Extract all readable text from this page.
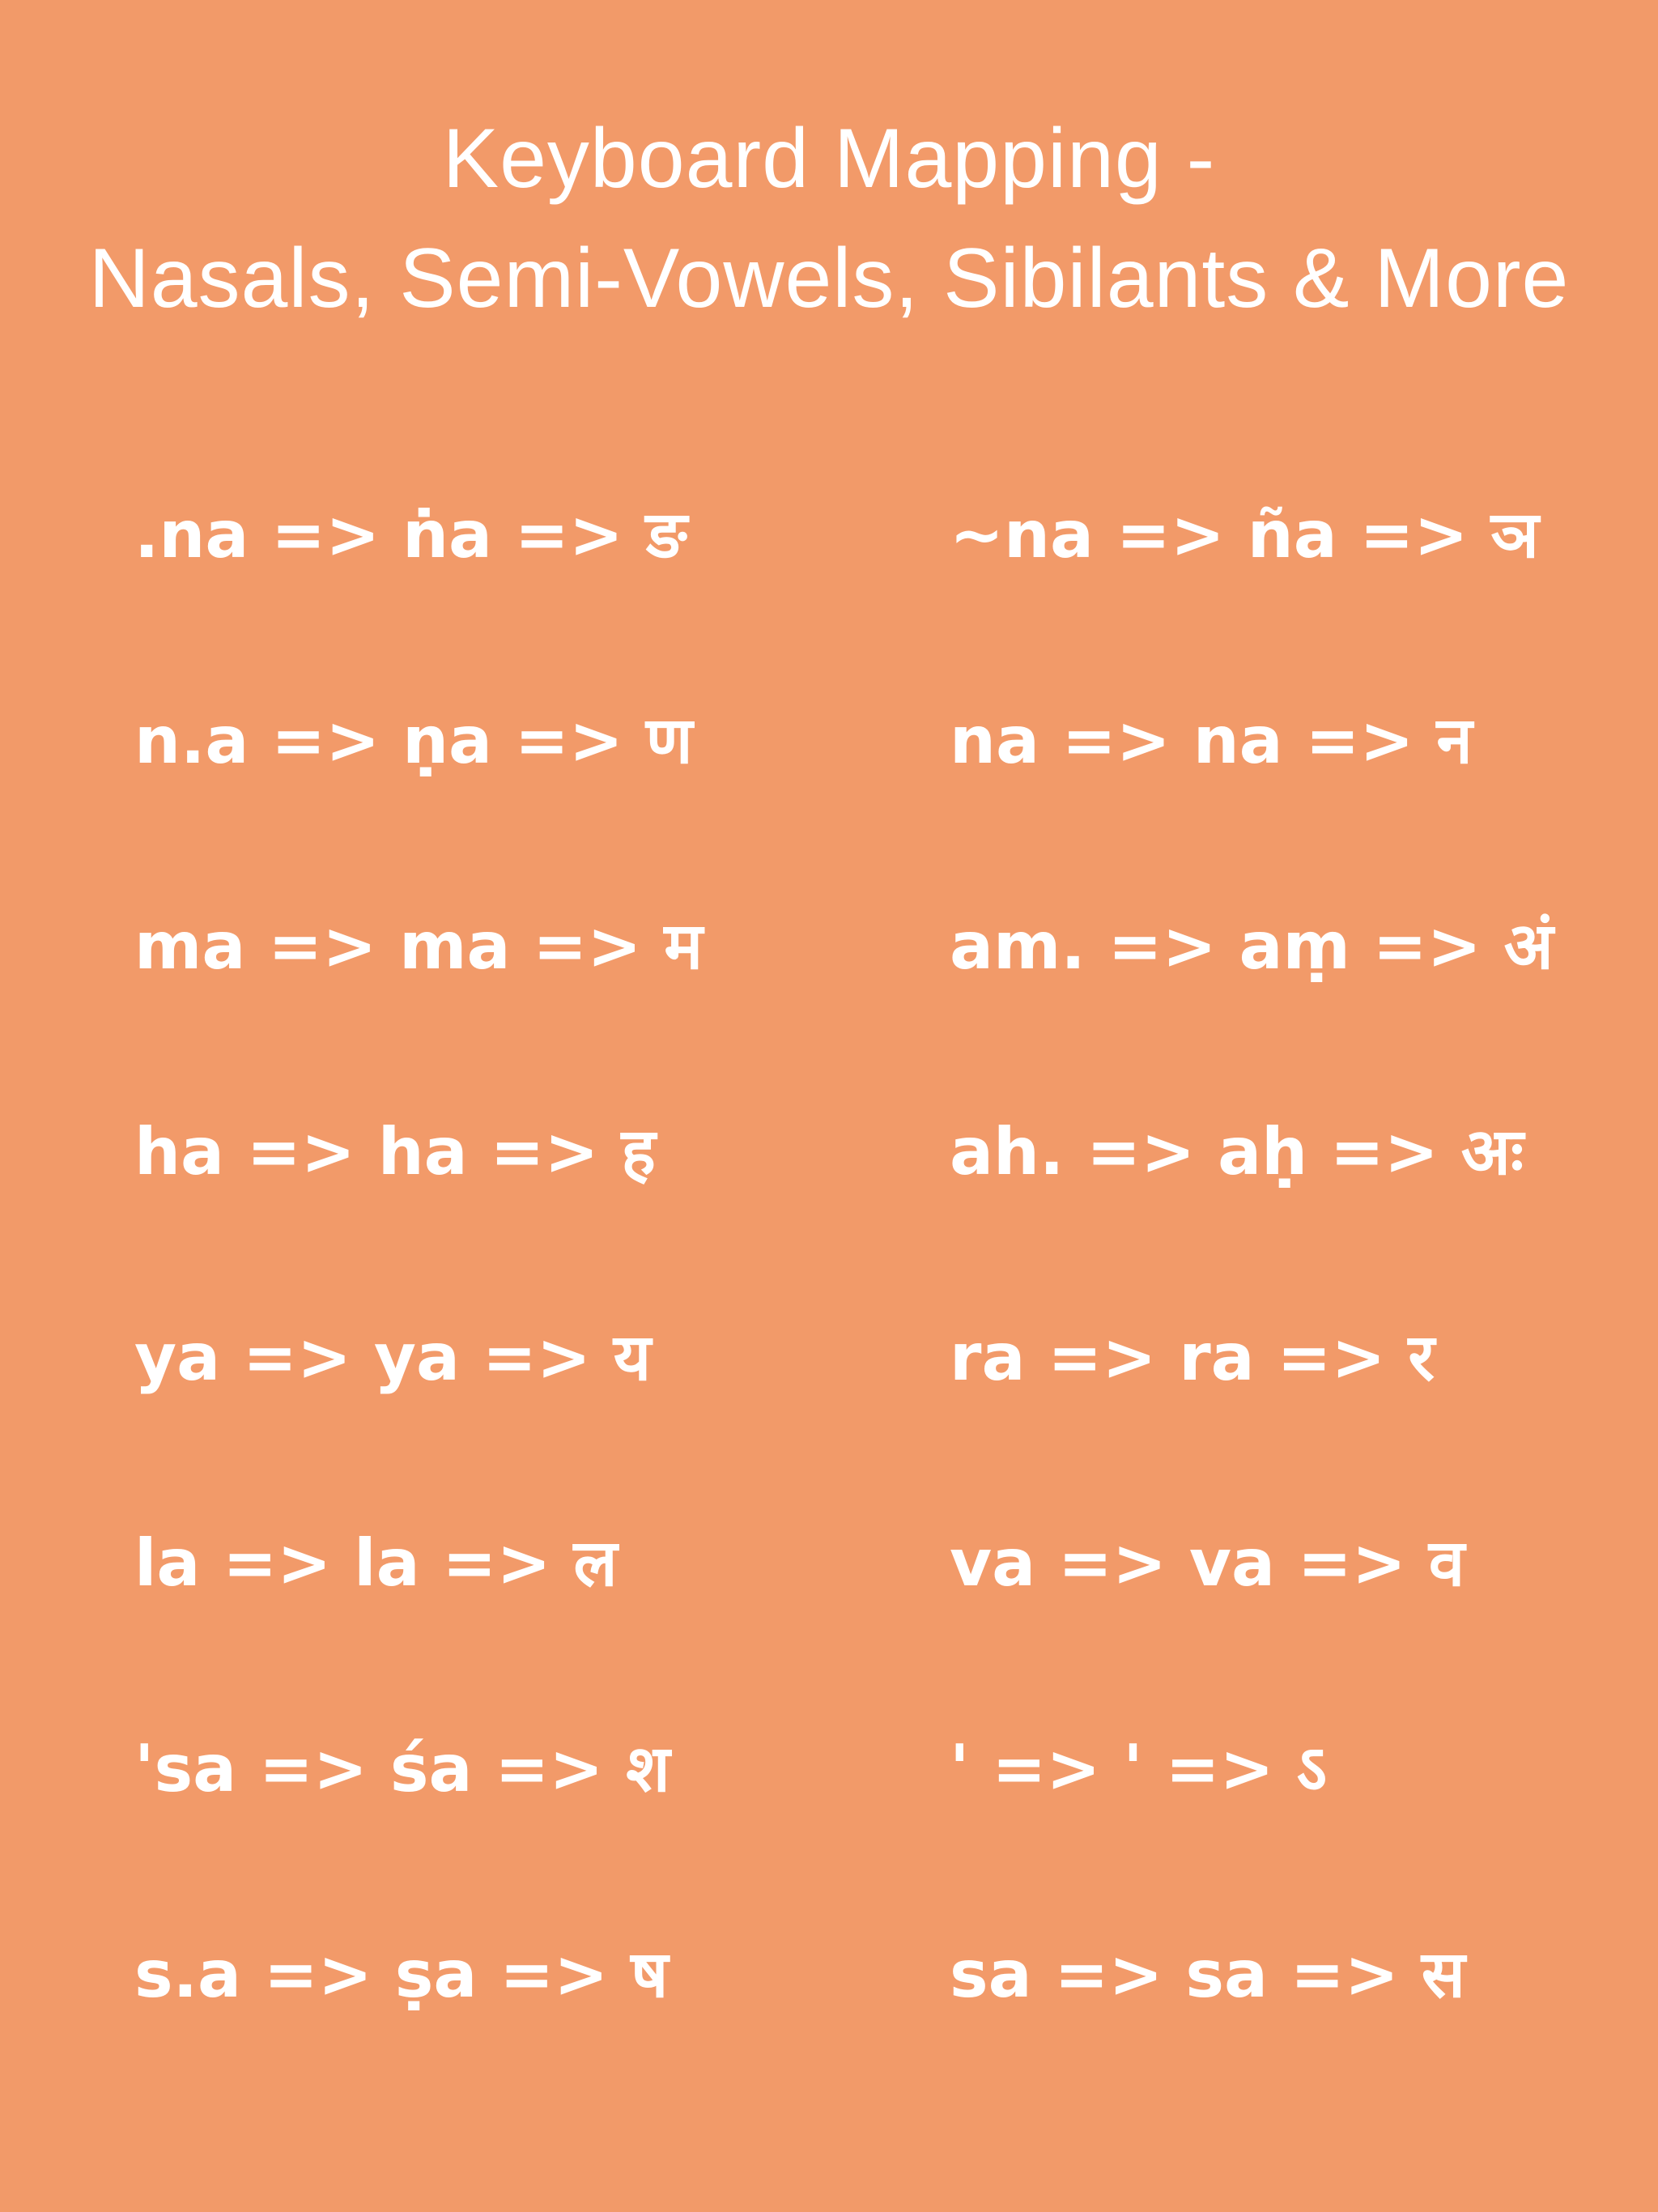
Keyboard Mapping -
Nasals, Semi-Vowels, Sibilants & More
.na => ṅa => ङ	~na => ña => ञ
n.a => ṇa => ण	na => na => न
ma => ma => म	am. => aṃ => अं
ha => ha => ह	ah. => aḥ => अः
ya => ya => य	ra => ra => र
la => la => ल	va => va => व
'sa => śa => श	' => ' => ऽ
s.a => ṣa => ष	sa => sa => स
